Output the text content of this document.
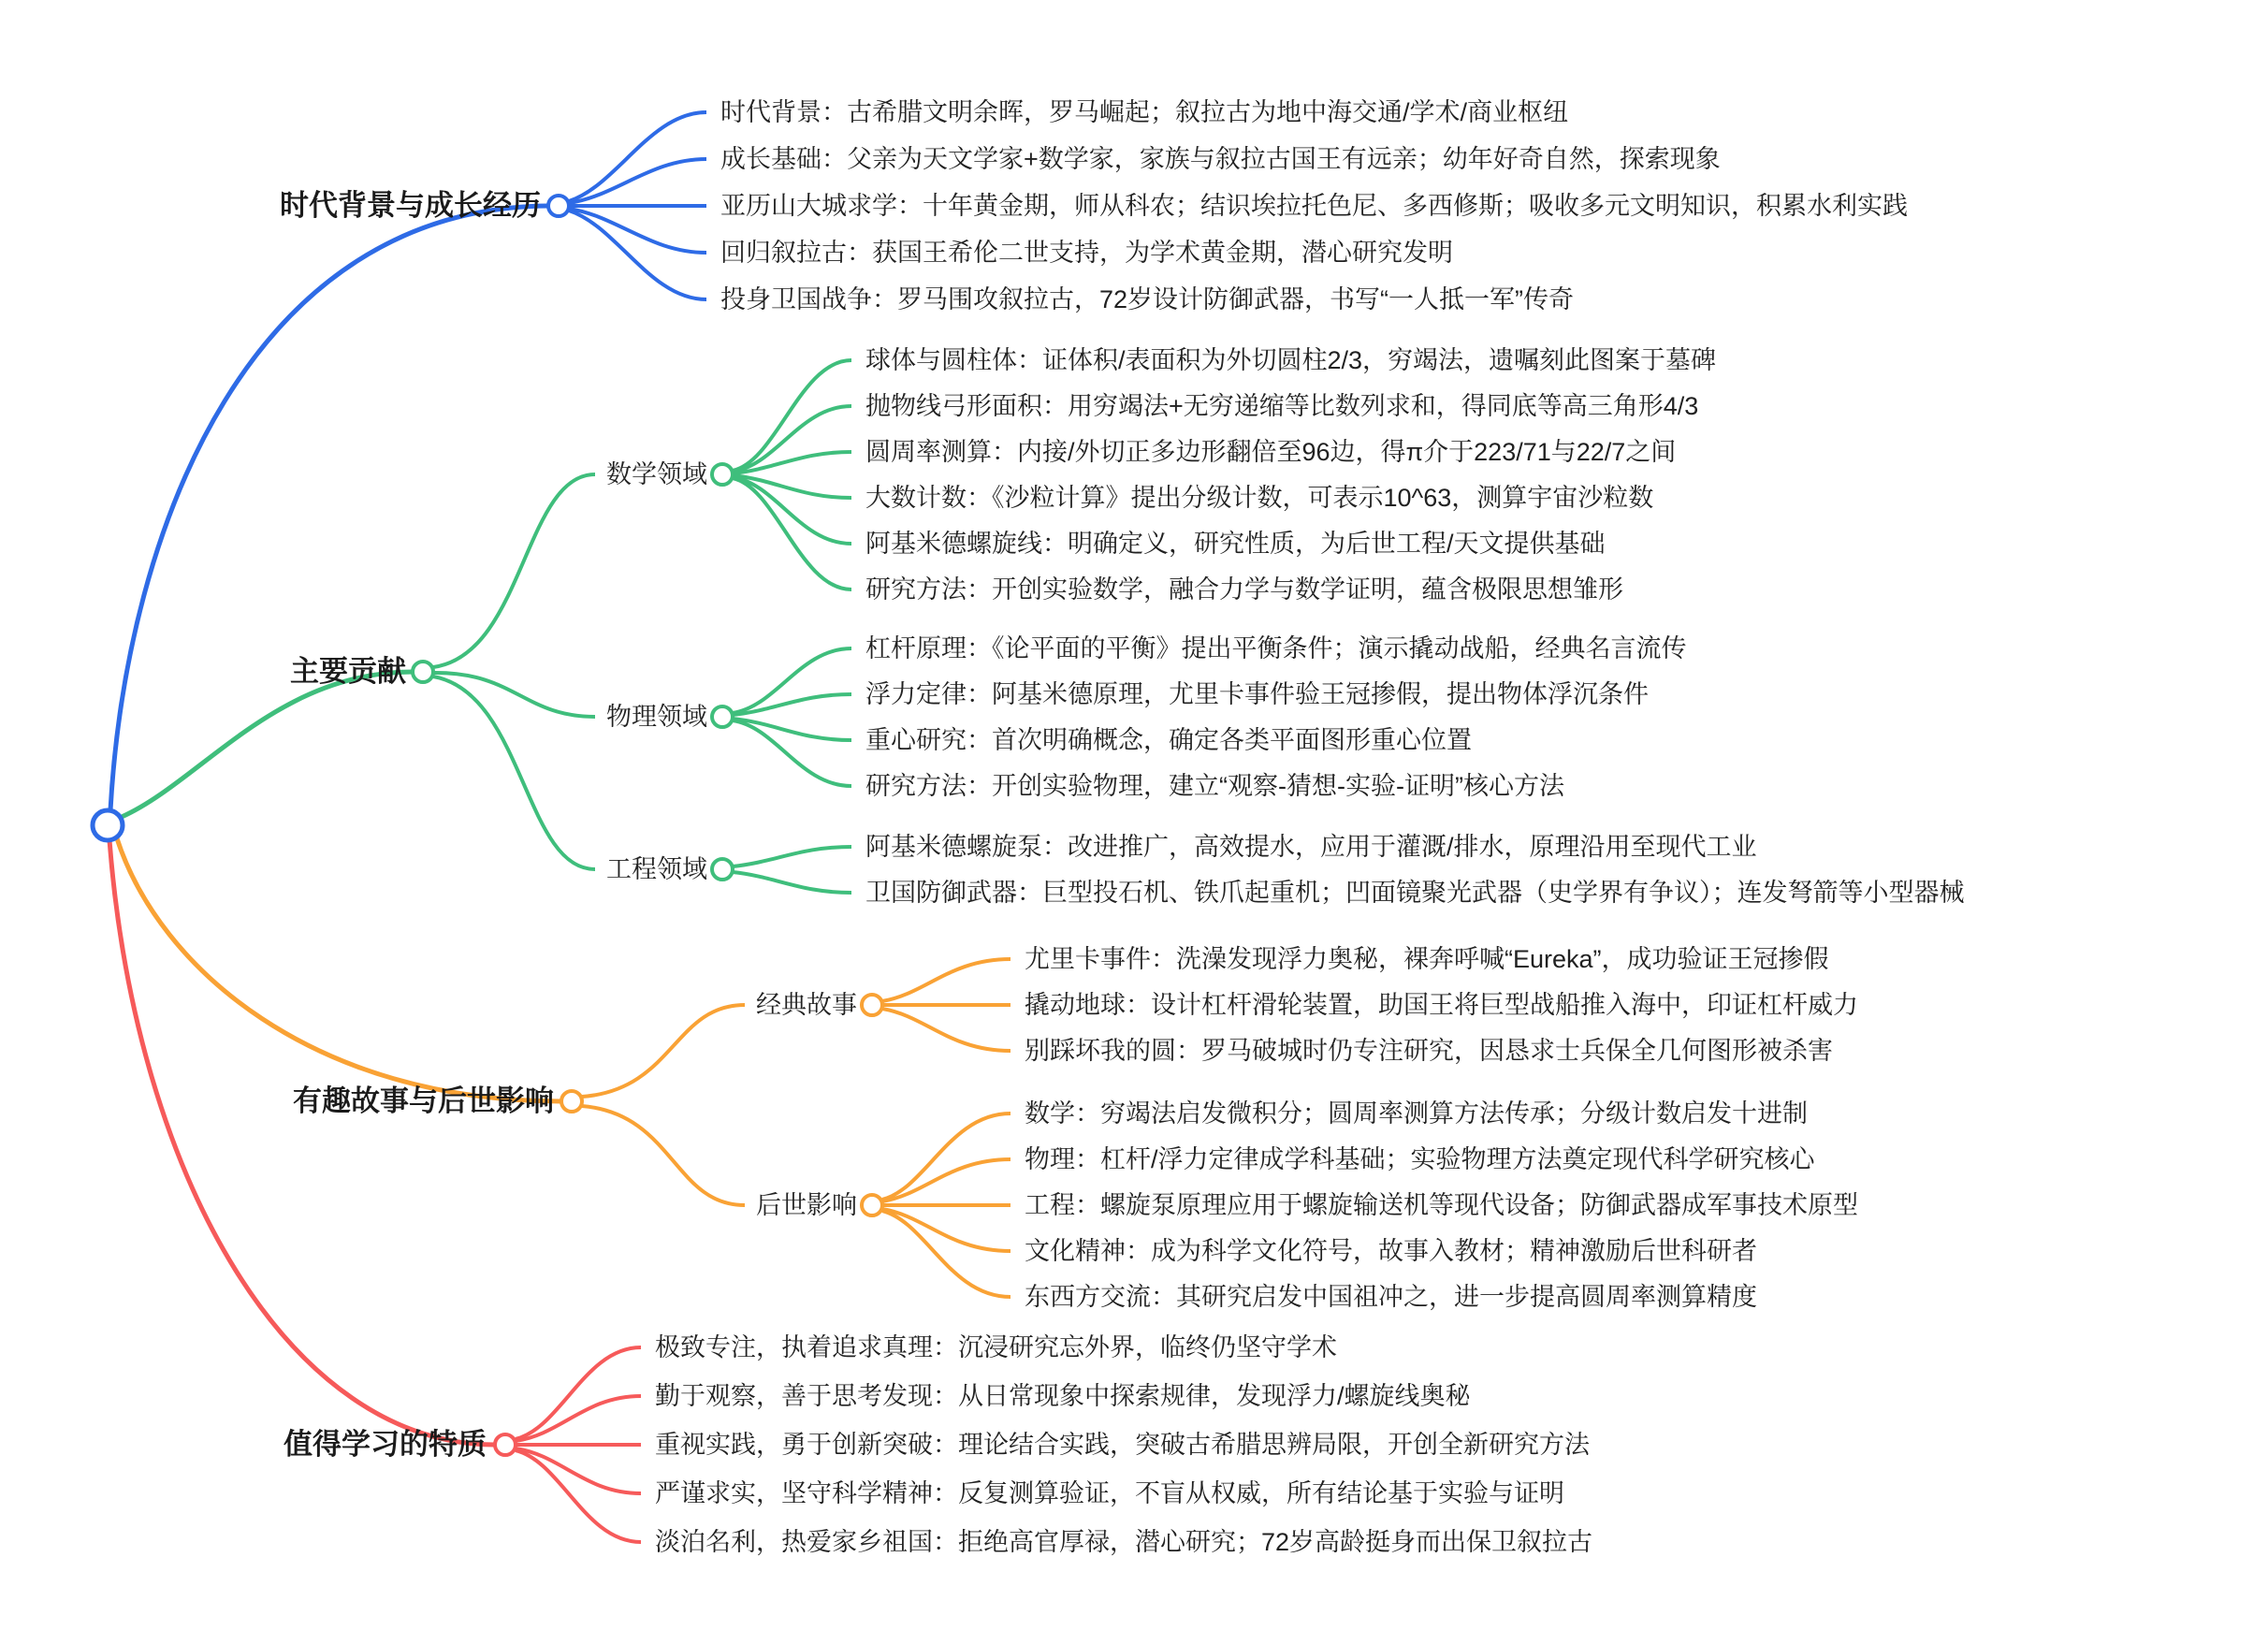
时代背景与成长经历
主要贡献
有趣故事与后世影响
值得学习的特质
数学领域
物理领域
工程领域
经典故事
后世影响
时代背景：古希腊文明余晖，罗马崛起；叙拉古为地中海交通/学术/商业枢纽
成长基础：父亲为天文学家+数学家，家族与叙拉古国王有远亲；幼年好奇自然，探索现象
亚历山大城求学：十年黄金期，师从科农；结识埃拉托色尼、多西修斯；吸收多元文明知识，积累水利实践
回归叙拉古：获国王希伦二世支持，为学术黄金期，潜心研究发明
投身卫国战争：罗马围攻叙拉古，72岁设计防御武器，书写“一人抵一军”传奇
球体与圆柱体：证体积/表面积为外切圆柱2/3，穷竭法，遗嘱刻此图案于墓碑
抛物线弓形面积：用穷竭法+无穷递缩等比数列求和，得同底等高三角形4/3
圆周率测算：内接/外切正多边形翻倍至96边，得π介于223/71与22/7之间
大数计数：《沙粒计算》提出分级计数，可表示10^63，测算宇宙沙粒数
阿基米德螺旋线：明确定义，研究性质，为后世工程/天文提供基础
研究方法：开创实验数学，融合力学与数学证明，蕴含极限思想雏形
杠杆原理：《论平面的平衡》提出平衡条件；演示撬动战船，经典名言流传
浮力定律：阿基米德原理，尤里卡事件验王冠掺假，提出物体浮沉条件
重心研究：首次明确概念，确定各类平面图形重心位置
研究方法：开创实验物理，建立“观察-猜想-实验-证明”核心方法
阿基米德螺旋泵：改进推广，高效提水，应用于灌溉/排水，原理沿用至现代工业
卫国防御武器：巨型投石机、铁爪起重机；凹面镜聚光武器（史学界有争议）；连发弩箭等小型器械
尤里卡事件：洗澡发现浮力奥秘，裸奔呼喊“Eureka”，成功验证王冠掺假
撬动地球：设计杠杆滑轮装置，助国王将巨型战船推入海中，印证杠杆威力
别踩坏我的圆：罗马破城时仍专注研究，因恳求士兵保全几何图形被杀害
数学：穷竭法启发微积分；圆周率测算方法传承；分级计数启发十进制
物理：杠杆/浮力定律成学科基础；实验物理方法奠定现代科学研究核心
工程：螺旋泵原理应用于螺旋输送机等现代设备；防御武器成军事技术原型
文化精神：成为科学文化符号，故事入教材；精神激励后世科研者
东西方交流：其研究启发中国祖冲之，进一步提高圆周率测算精度
极致专注，执着追求真理：沉浸研究忘外界，临终仍坚守学术
勤于观察，善于思考发现：从日常现象中探索规律，发现浮力/螺旋线奥秘
重视实践，勇于创新突破：理论结合实践，突破古希腊思辨局限，开创全新研究方法
严谨求实，坚守科学精神：反复测算验证，不盲从权威，所有结论基于实验与证明
淡泊名利，热爱家乡祖国：拒绝高官厚禄，潜心研究；72岁高龄挺身而出保卫叙拉古
